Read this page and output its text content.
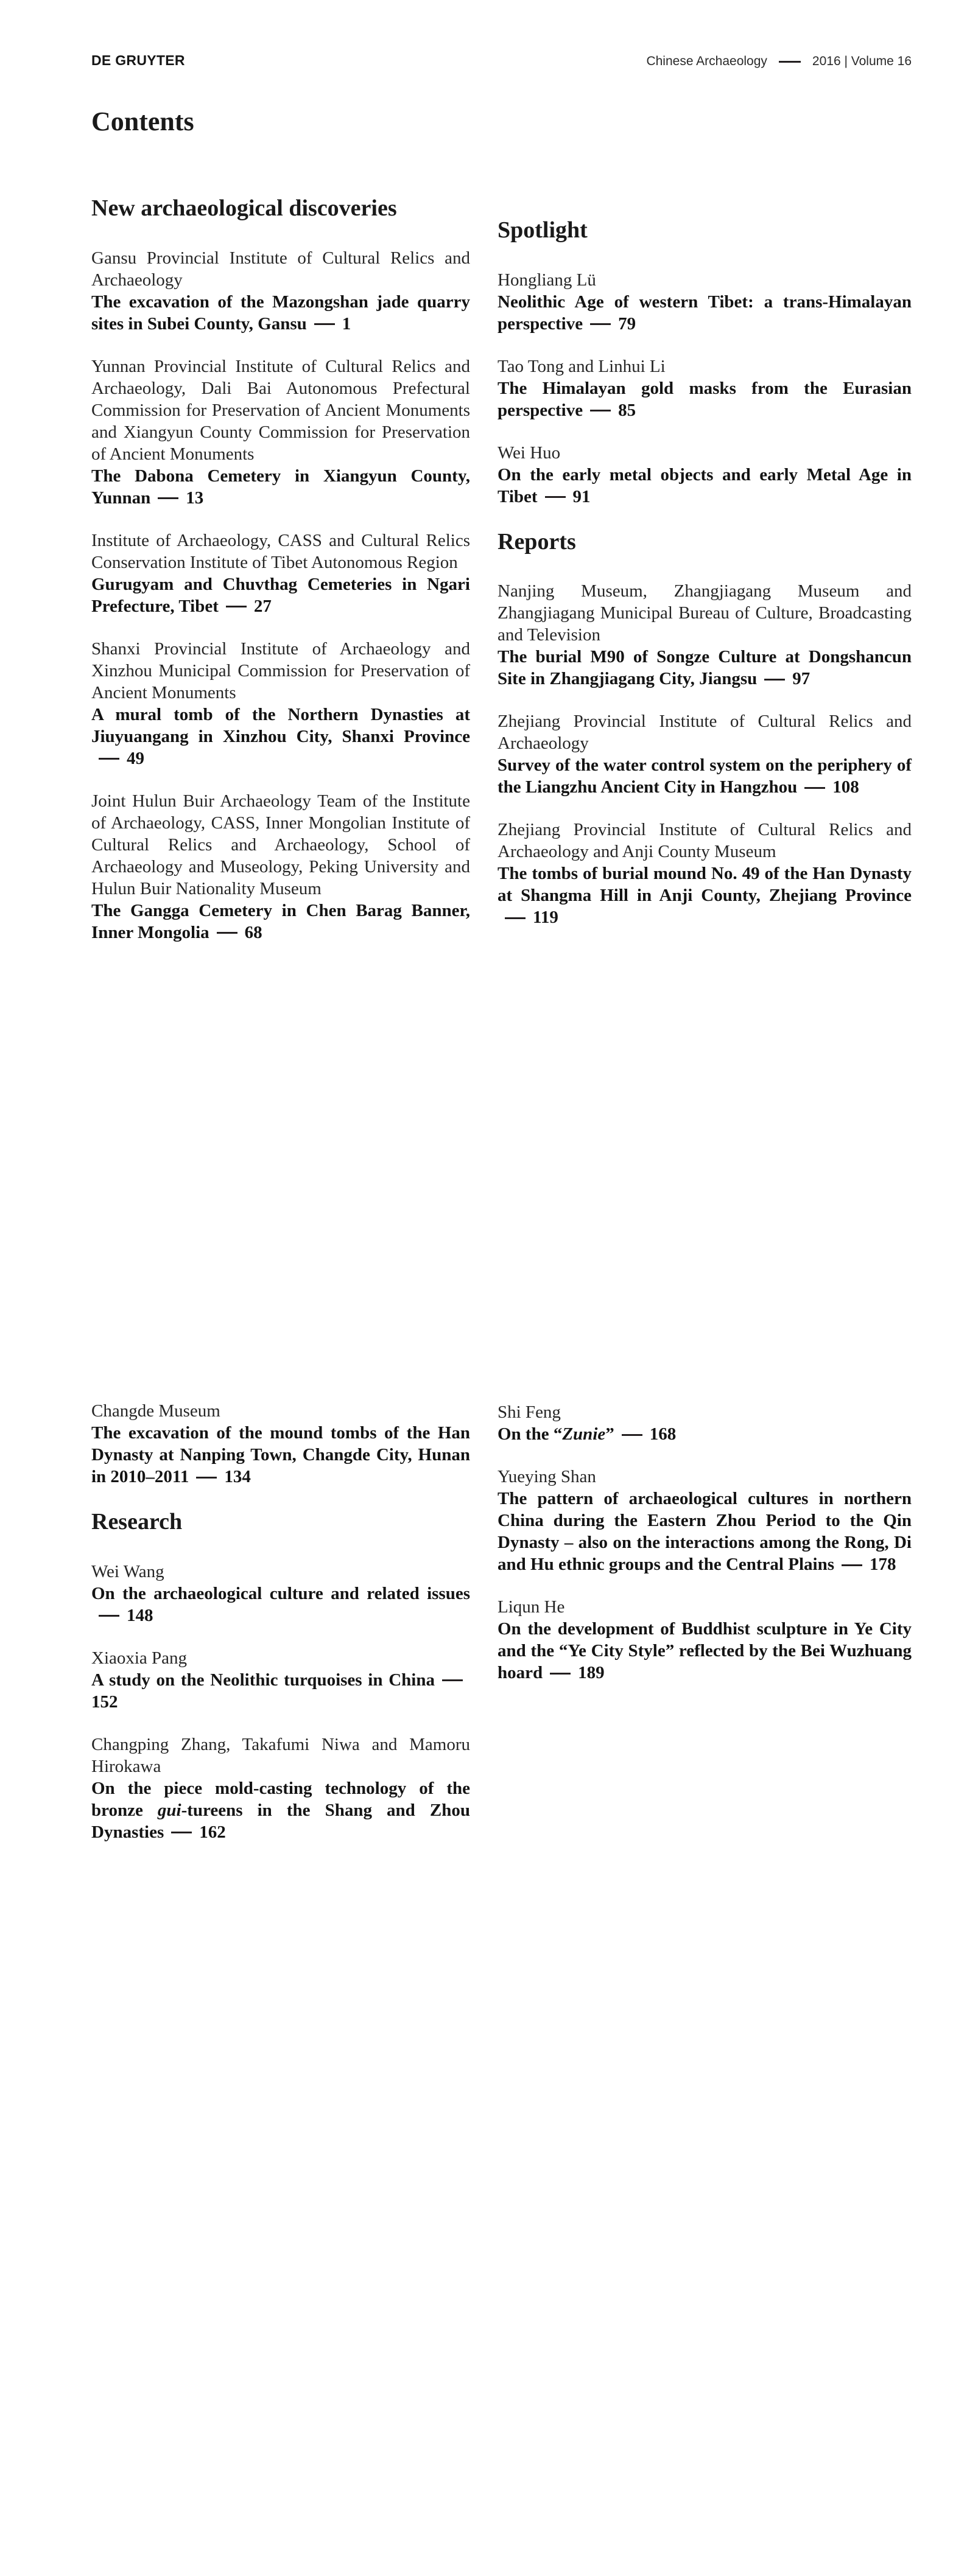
DE GRUYTER	Chinese Archaeology	2016 | Volume 16
Contents
New archaeological discoveries

Gansu Provincial Institute of Cultural Relics and Archaeology

The excavation of the Mazongshan jade quarry sites in Subei County, Gansu 1

Yunnan Provincial Institute of Cultural Relics and Archaeology, Dali Bai Autonomous Prefectural Commission for Preservation of Ancient Monuments and Xiangyun County Commission for Preservation of Ancient Monuments

The Dabona Cemetery in Xiangyun County, Yunnan 13

Institute of Archaeology, CASS and Cultural Relics Conservation Institute of Tibet Autonomous Region

Gurugyam and Chuvthag Cemeteries in Ngari Prefecture, Tibet 27

Shanxi Provincial Institute of Archaeology and Xinzhou Municipal Commission for Preservation of Ancient Monuments

A mural tomb of the Northern Dynasties at Jiuyuangang in Xinzhou City, Shanxi Province49

Joint Hulun Buir Archaeology Team of the Institute of Archaeology, CASS, Inner Mongolian Institute of Cultural Relics and Archaeology, School of Archaeology and Museology, Peking University and Hulun Buir Nationality Museum

The Gangga Cemetery in Chen Barag Banner, Inner Mongolia 68

Spotlight

Hongliang Lü

Neolithic Age of western Tibet: a trans-Himalayan perspective 79

Tao Tong and Linhui Li

The Himalayan gold masks from the Eurasian perspective 85

Wei Huo

On the early metal objects and early Metal Age in Tibet 91

Reports

Nanjing Museum, Zhangjiagang Museum and Zhangjiagang Municipal Bureau of Culture, Broadcasting and Television

The burial M90 of Songze Culture at Dongshancun Site in Zhangjiagang City, Jiangsu 97

Zhejiang Provincial Institute of Cultural Relics and Archaeology

Survey of the water control system on the periphery of the Liangzhu Ancient City in Hangzhou 108

Zhejiang Provincial Institute of Cultural Relics and Archaeology and Anji County Museum

The tombs of burial mound No. 49 of the Han Dynasty at Shangma Hill in Anji County, Zhejiang Province119

Changde Museum

The excavation of the mound tombs of the Han Dynasty at Nanping Town, Changde City, Hunan in 2010–2011 134

Research

Wei Wang

On the archaeological culture and related issues148

Xiaoxia Pang

A study on the Neolithic turquoises in China152

Changping Zhang, Takafumi Niwa and Mamoru Hirokawa

On the piece mold-casting technology of the bronze gui-tureens in the Shang and Zhou Dynasties 162

Shi Feng

On the “Zunie” 168

Yueying Shan

The pattern of archaeological cultures in northern China during the Eastern Zhou Period to the Qin Dynasty – also on the interactions among the Rong, Di and Hu ethnic groups and the Central Plains 178

Liqun He

On the development of Buddhist sculpture in Ye City and the “Ye City Style” reflected by the Bei Wuzhuang hoard 189
